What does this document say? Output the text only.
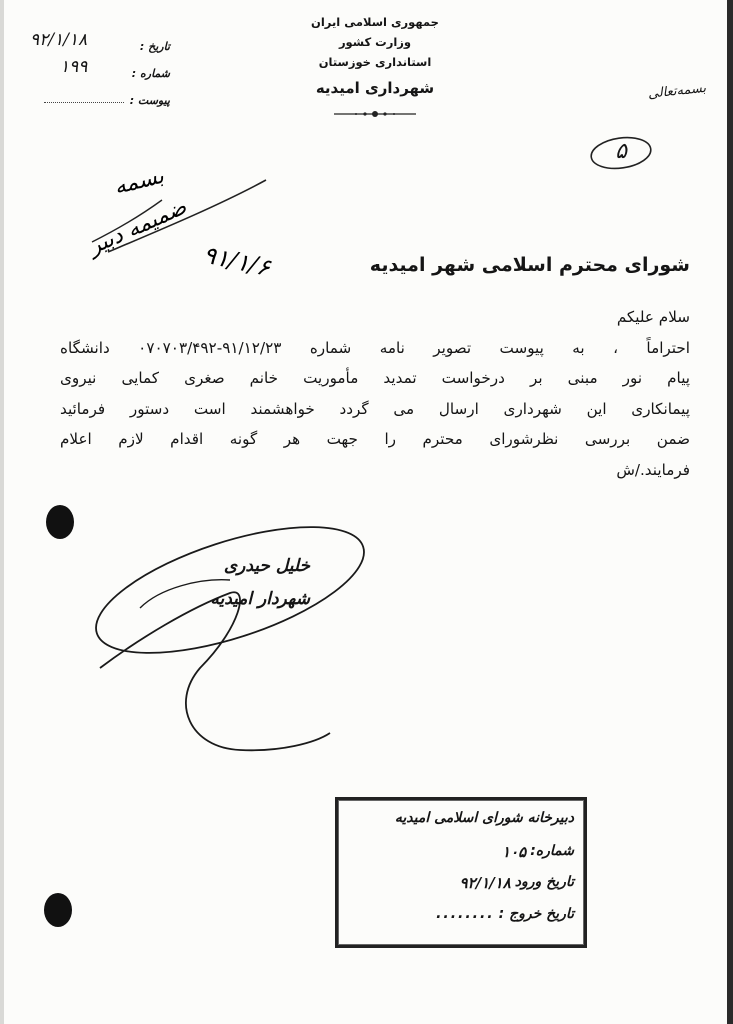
جمهوری اسلامی ایران
وزارت کشور
استانداری خوزستان
شهرداری امیدیه
تاریخ :
۹۲/۱/۱۸
شماره :
۱۹۹
پیوست :	بسمه‌تعالی
۵
بسمه
ضمیمه دبیر
۹۱/۱/۶	شورای محترم اسلامی شهر امیدیه

سلام علیکم

احتراماً ، به پیوست تصویر نامه شماره ۹۱/۱۲/۲۳-۰۷۰۷۰۳/۴۹۲ دانشگاه

پیام نور مبنی بر درخواست تمدید مأموریت خانم صغری کمایی نیروی

پیمانکاری این شهرداری ارسال می گردد خواهشمند است دستور فرمائید

ضمن بررسی نظرشورای محترم را جهت هر گونه اقدام لازم اعلام

فرمایند./ش

خلیل حیدری
شهردار امیدیه
دبیرخانه شورای اسلامی امیدیه
شماره:
۱۰۵
تاریخ ورود
۹۲/۱/۱۸
تاریخ خروج :
........
